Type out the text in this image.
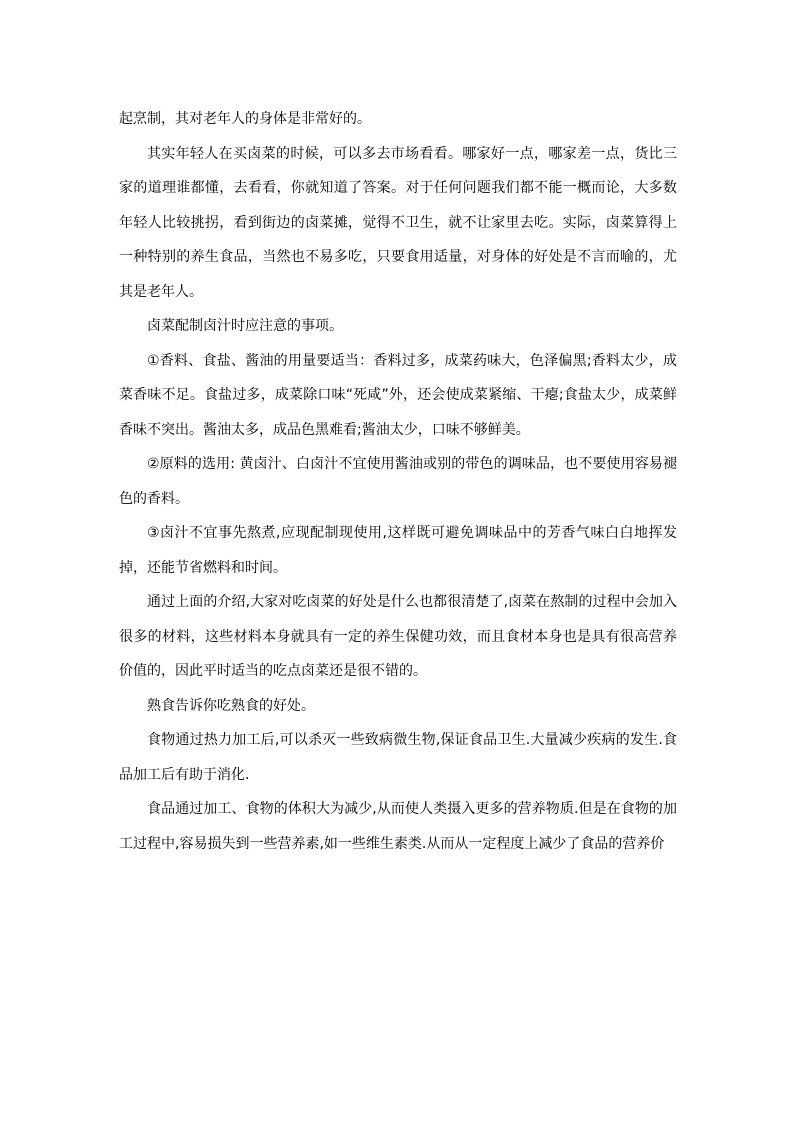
起烹制，其对老年人的身体是非常好的。

其实年轻人在买卤菜的时候，可以多去市场看看。哪家好一点，哪家差一点，货比三家的道理谁都懂，去看看，你就知道了答案。对于任何问题我们都不能一概而论，大多数年轻人比较挑拐，看到街边的卤菜摊，觉得不卫生，就不让家里去吃。实际，卤菜算得上一种特别的养生食品，当然也不易多吃，只要食用适量，对身体的好处是不言而喻的，尤其是老年人。

卤菜配制卤汁时应注意的事项。

①香料、食盐、酱油的用量要适当：香料过多，成菜药味大，色泽偏黑;香料太少，成菜香味不足。食盐过多，成菜除口味“死咸”外，还会使成菜紧缩、干瘪;食盐太少，成菜鲜香味不突出。酱油太多，成品色黑难看;酱油太少，口味不够鲜美。

②原料的选用: 黄卤汁、白卤汁不宜使用酱油或别的带色的调味品，也不要使用容易褪色的香料。

③卤汁不宜事先熬煮,应现配制现使用,这样既可避免调味品中的芳香气味白白地挥发掉，还能节省燃料和时间。

通过上面的介绍,大家对吃卤菜的好处是什么也都很清楚了,卤菜在熬制的过程中会加入很多的材料，这些材料本身就具有一定的养生保健功效，而且食材本身也是具有很高营养价值的，因此平时适当的吃点卤菜还是很不错的。

熟食告诉你吃熟食的好处。

食物通过热力加工后,可以杀灭一些致病微生物,保证食品卫生.大量减少疾病的发生.食品加工后有助于消化.

食品通过加工、食物的体积大为减少,从而使人类摄入更多的营养物质.但是在食物的加工过程中,容易损失到一些营养素,如一些维生素类.从而从一定程度上减少了食品的营养价
